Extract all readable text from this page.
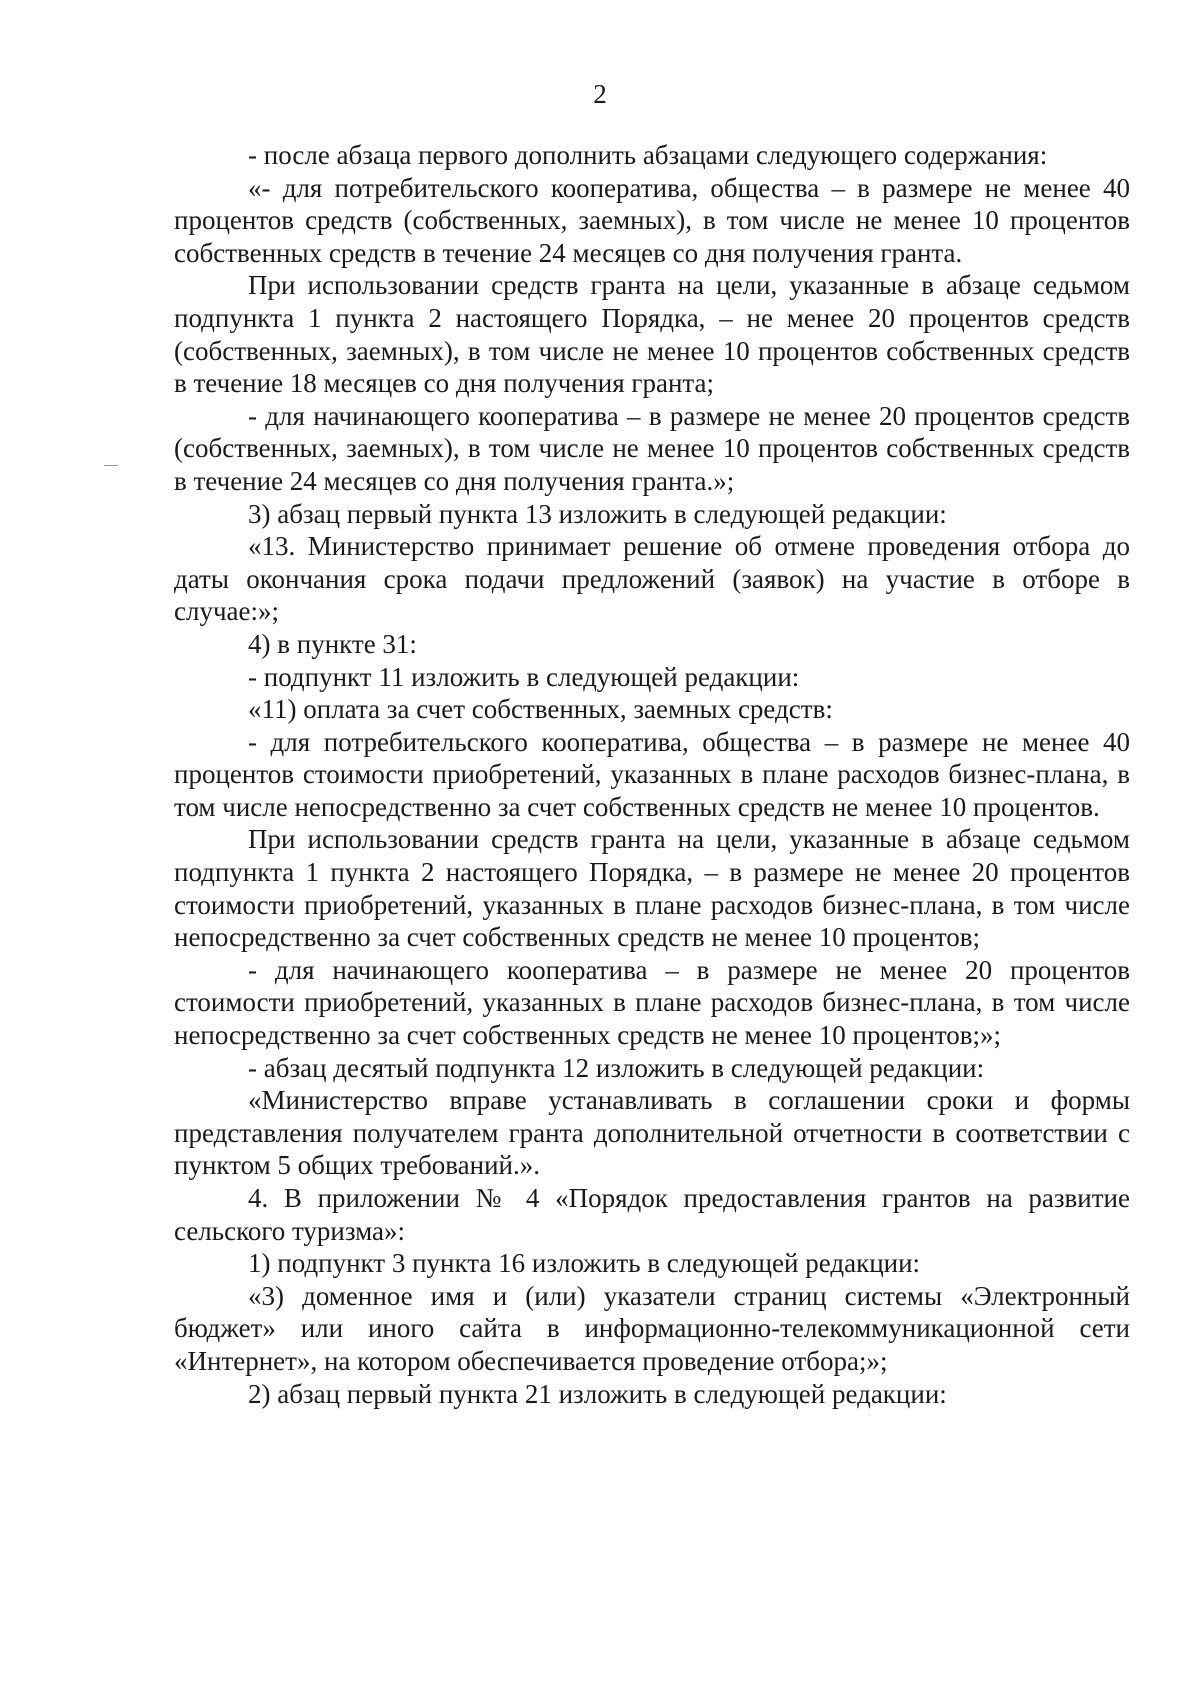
2

- после абзаца первого дополнить абзацами следующего содержания:

«- для потребительского кооператива, общества – в размере не менее 40 процентов средств (собственных, заемных), в том числе не менее 10 процентов собственных средств в течение 24 месяцев со дня получения гранта.

При использовании средств гранта на цели, указанные в абзаце седьмом подпункта 1 пункта 2 настоящего Порядка, – не менее 20 процентов средств (собственных, заемных), в том числе не менее 10 процентов собственных средств в течение 18 месяцев со дня получения гранта;

- для начинающего кооператива – в размере не менее 20 процентов средств (собственных, заемных), в том числе не менее 10 процентов собственных средств в течение 24 месяцев со дня получения гранта.»;

3) абзац первый пункта 13 изложить в следующей редакции:

«13. Министерство принимает решение об отмене проведения отбора до даты окончания срока подачи предложений (заявок) на участие в отборе в случае:»;

4) в пункте 31:

- подпункт 11 изложить в следующей редакции:

«11) оплата за счет собственных, заемных средств:

- для потребительского кооператива, общества – в размере не менее 40 процентов стоимости приобретений, указанных в плане расходов бизнес-плана, в том числе непосредственно за счет собственных средств не менее 10 процентов.

При использовании средств гранта на цели, указанные в абзаце седьмом подпункта 1 пункта 2 настоящего Порядка, – в размере не менее 20 процентов стоимости приобретений, указанных в плане расходов бизнес-плана, в том числе непосредственно за счет собственных средств не менее 10 процентов;

- для начинающего кооператива – в размере не менее 20 процентов стоимости приобретений, указанных в плане расходов бизнес-плана, в том числе непосредственно за счет собственных средств не менее 10 процентов;»;

- абзац десятый подпункта 12 изложить в следующей редакции:

«Министерство вправе устанавливать в соглашении сроки и формы представления получателем гранта дополнительной отчетности в соответствии с пунктом 5 общих требований.».

4. В приложении № 4 «Порядок предоставления грантов на развитие сельского туризма»:

1) подпункт 3 пункта 16 изложить в следующей редакции:

«3) доменное имя и (или) указатели страниц системы «Электронный бюджет» или иного сайта в информационно-телекоммуникационной сети «Интернет», на котором обеспечивается проведение отбора;»;

2) абзац первый пункта 21 изложить в следующей редакции:
